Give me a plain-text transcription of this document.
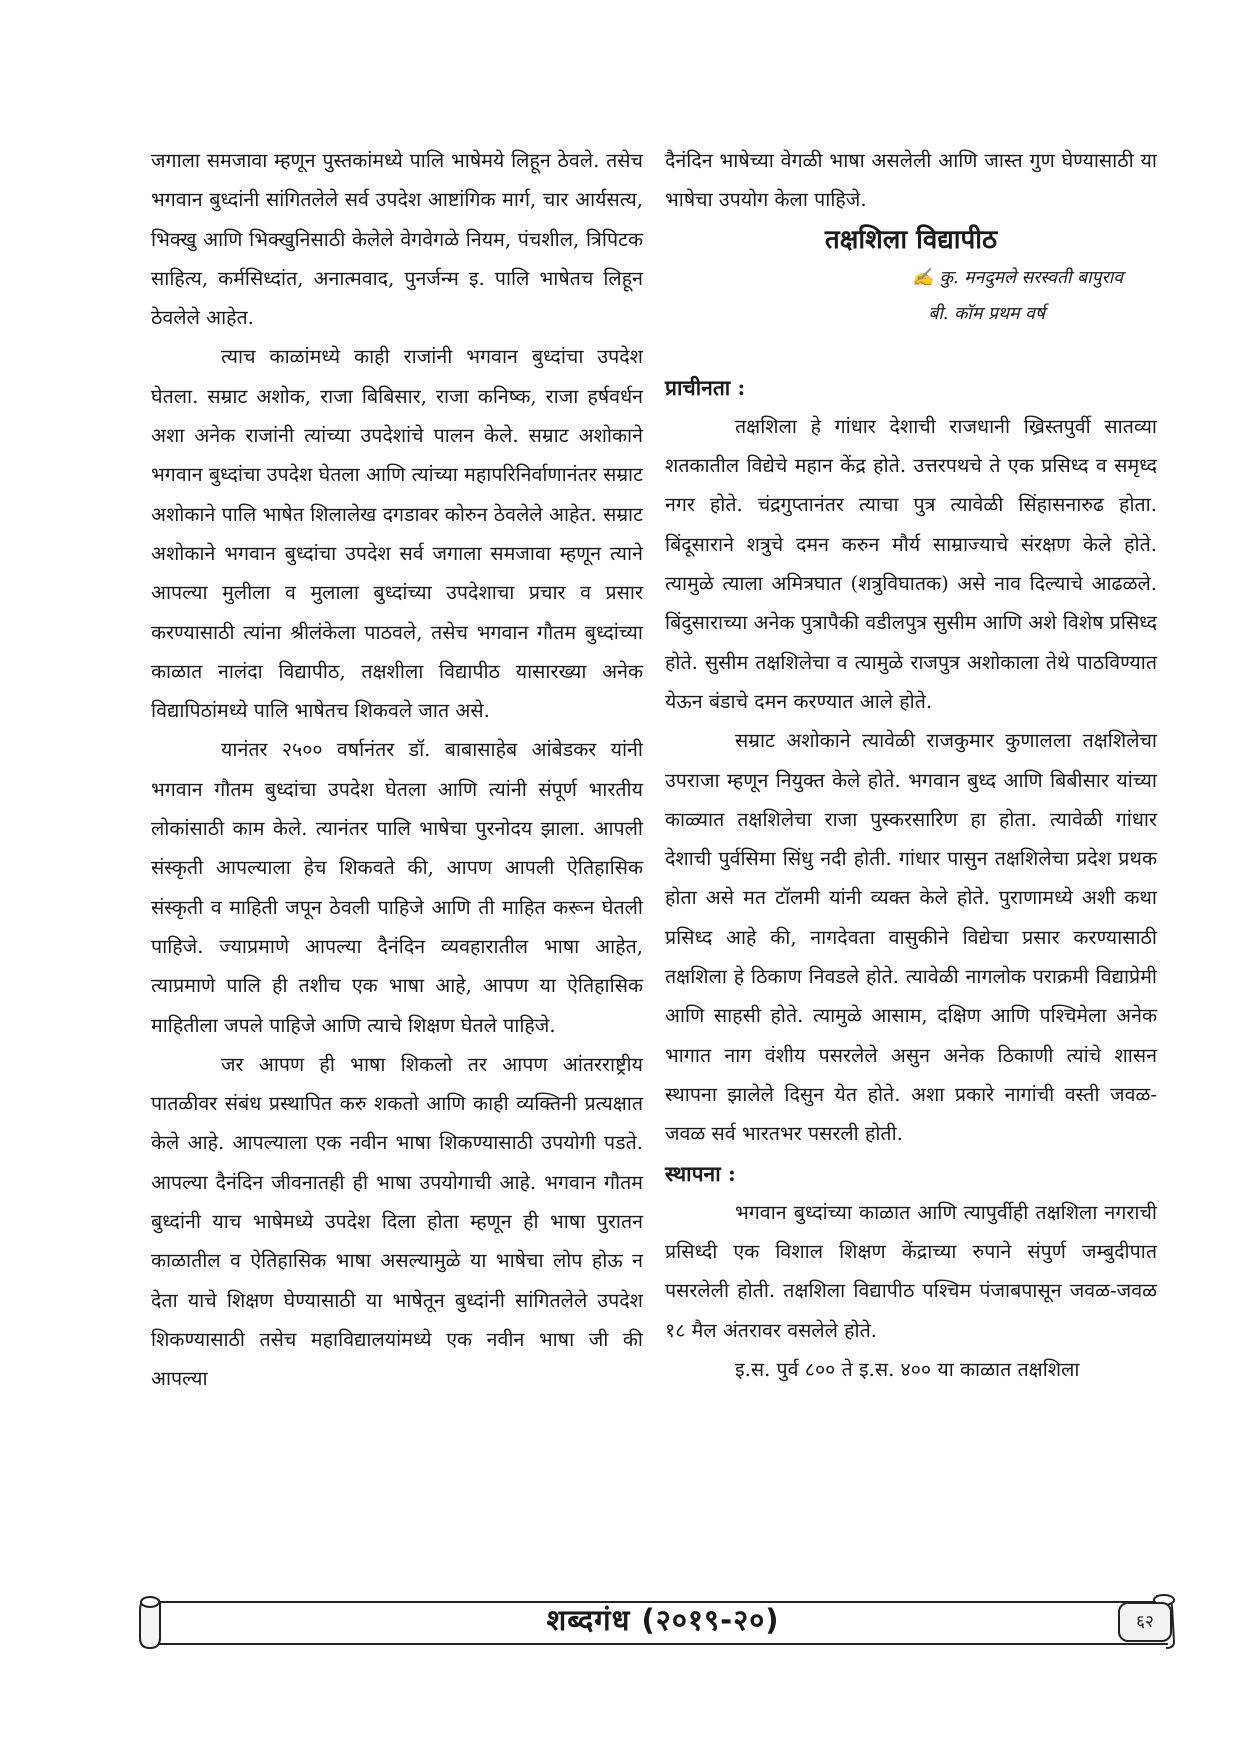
जगाला समजावा म्हणून पुस्तकांमध्ये पालि भाषेमये लिहून ठेवले. तसेच भगवान बुध्दांनी सांगितलेले सर्व उपदेश आष्टांगिक मार्ग, चार आर्यसत्य, भिक्खु आणि भिक्खुनिसाठी केलेले वेगवेगळे नियम, पंचशील, त्रिपिटक साहित्य, कर्मसिध्दांत, अनात्मवाद, पुनर्जन्म इ. पालि भाषेतच लिहून ठेवलेले आहेत.

त्याच काळांमध्ये काही राजांनी भगवान बुध्दांचा उपदेश घेतला. सम्राट अशोक, राजा बिबिसार, राजा कनिष्क, राजा हर्षवर्धन अशा अनेक राजांनी त्यांच्या उपदेशांचे पालन केले. सम्राट अशोकाने भगवान बुध्दांचा उपदेश घेतला आणि त्यांच्या महापरिनिर्वाणानंतर सम्राट अशोकाने पालि भाषेत शिलालेख दगडावर कोरुन ठेवलेले आहेत. सम्राट अशोकाने भगवान बुध्दांचा उपदेश सर्व जगाला समजावा म्हणून त्याने आपल्या मुलीला व मुलाला बुध्दांच्या उपदेशाचा प्रचार व प्रसार करण्यासाठी त्यांना श्रीलंकेला पाठवले, तसेच भगवान गौतम बुध्दांच्या काळात नालंदा विद्यापीठ, तक्षशीला विद्यापीठ यासारख्या अनेक विद्यापिठांमध्ये पालि भाषेतच शिकवले जात असे.

यानंतर २५०० वर्षानंतर डॉ. बाबासाहेब आंबेडकर यांनी भगवान गौतम बुध्दांचा उपदेश घेतला आणि त्यांनी संपूर्ण भारतीय लोकांसाठी काम केले. त्यानंतर पालि भाषेचा पुरनोदय झाला. आपली संस्कृती आपल्याला हेच शिकवते की, आपण आपली ऐतिहासिक संस्कृती व माहिती जपून ठेवली पाहिजे आणि ती माहित करून घेतली पाहिजे. ज्याप्रमाणे आपल्या दैनंदिन व्यवहारातील भाषा आहेत, त्याप्रमाणे पालि ही तशीच एक भाषा आहे, आपण या ऐतिहासिक माहितीला जपले पाहिजे आणि त्याचे शिक्षण घेतले पाहिजे.

जर आपण ही भाषा शिकलो तर आपण आंतरराष्ट्रीय पातळीवर संबंध प्रस्थापित करु शकतो आणि काही व्यक्तिनी प्रत्यक्षात केले आहे. आपल्याला एक नवीन भाषा शिकण्यासाठी उपयोगी पडते. आपल्या दैनंदिन जीवनातही ही भाषा उपयोगाची आहे. भगवान गौतम बुध्दांनी याच भाषेमध्ये उपदेश दिला होता म्हणून ही भाषा पुरातन काळातील व ऐतिहासिक भाषा असल्यामुळे या भाषेचा लोप होऊ न देता याचे शिक्षण घेण्यासाठी या भाषेतून बुध्दांनी सांगितलेले उपदेश शिकण्यासाठी तसेच महाविद्यालयांमध्ये एक नवीन भाषा जी की आपल्या

दैनंदिन भाषेच्या वेगळी भाषा असलेली आणि जास्त गुण घेण्यासाठी या भाषेचा उपयोग केला पाहिजे.

तक्षशिला विद्यापीठ

✍ कु. मनदुमले सरस्वती बापुराव

बी. कॉम प्रथम वर्ष

प्राचीनता :

तक्षशिला हे गांधार देशाची राजधानी ख्रिस्तपुर्वी सातव्या शतकातील विद्येचे महान केंद्र होते. उत्तरपथचे ते एक प्रसिध्द व समृध्द नगर होते. चंद्रगुप्तानंतर त्याचा पुत्र त्यावेळी सिंहासनारुढ होता. बिंदूसाराने शत्रुचे दमन करुन मौर्य साम्राज्याचे संरक्षण केले होते. त्यामुळे त्याला अमित्रघात (शत्रुविघातक) असे नाव दिल्याचे आढळले. बिंदुसाराच्या अनेक पुत्रापैकी वडीलपुत्र सुसीम आणि अशे विशेष प्रसिध्द होते. सुसीम तक्षशिलेचा व त्यामुळे राजपुत्र अशोकाला तेथे पाठविण्यात येऊन बंडाचे दमन करण्यात आले होते.

सम्राट अशोकाने त्यावेळी राजकुमार कुणालला तक्षशिलेचा उपराजा म्हणून नियुक्त केले होते. भगवान बुध्द आणि बिबीसार यांच्या काळ्यात तक्षशिलेचा राजा पुस्करसारिण हा होता. त्यावेळी गांधार देशाची पुर्वसिमा सिंधु नदी होती. गांधार पासुन तक्षशिलेचा प्रदेश प्रथक होता असे मत टॉलमी यांनी व्यक्त केले होते. पुराणामध्ये अशी कथा प्रसिध्द आहे की, नागदेवता वासुकीने विद्येचा प्रसार करण्यासाठी तक्षशिला हे ठिकाण निवडले होते. त्यावेळी नागलोक पराक्रमी विद्याप्रेमी आणि साहसी होते. त्यामुळे आसाम, दक्षिण आणि पश्चिमेला अनेक भागात नाग वंशीय पसरलेले असुन अनेक ठिकाणी त्यांचे शासन स्थापना झालेले दिसुन येत होते. अशा प्रकारे नागांची वस्ती जवळ-जवळ सर्व भारतभर पसरली होती.

स्थापना :

भगवान बुध्दांच्या काळात आणि त्यापुर्वीही तक्षशिला नगराची प्रसिध्दी एक विशाल शिक्षण केंद्राच्या रुपाने संपुर्ण जम्बुदीपात पसरलेली होती. तक्षशिला विद्यापीठ पश्चिम पंजाबपासून जवळ-जवळ १८ मैल अंतरावर वसलेले होते.

इ.स. पुर्व ८०० ते इ.स. ४०० या काळात तक्षशिला

शब्दगंध (२०१९-२०)	६२
